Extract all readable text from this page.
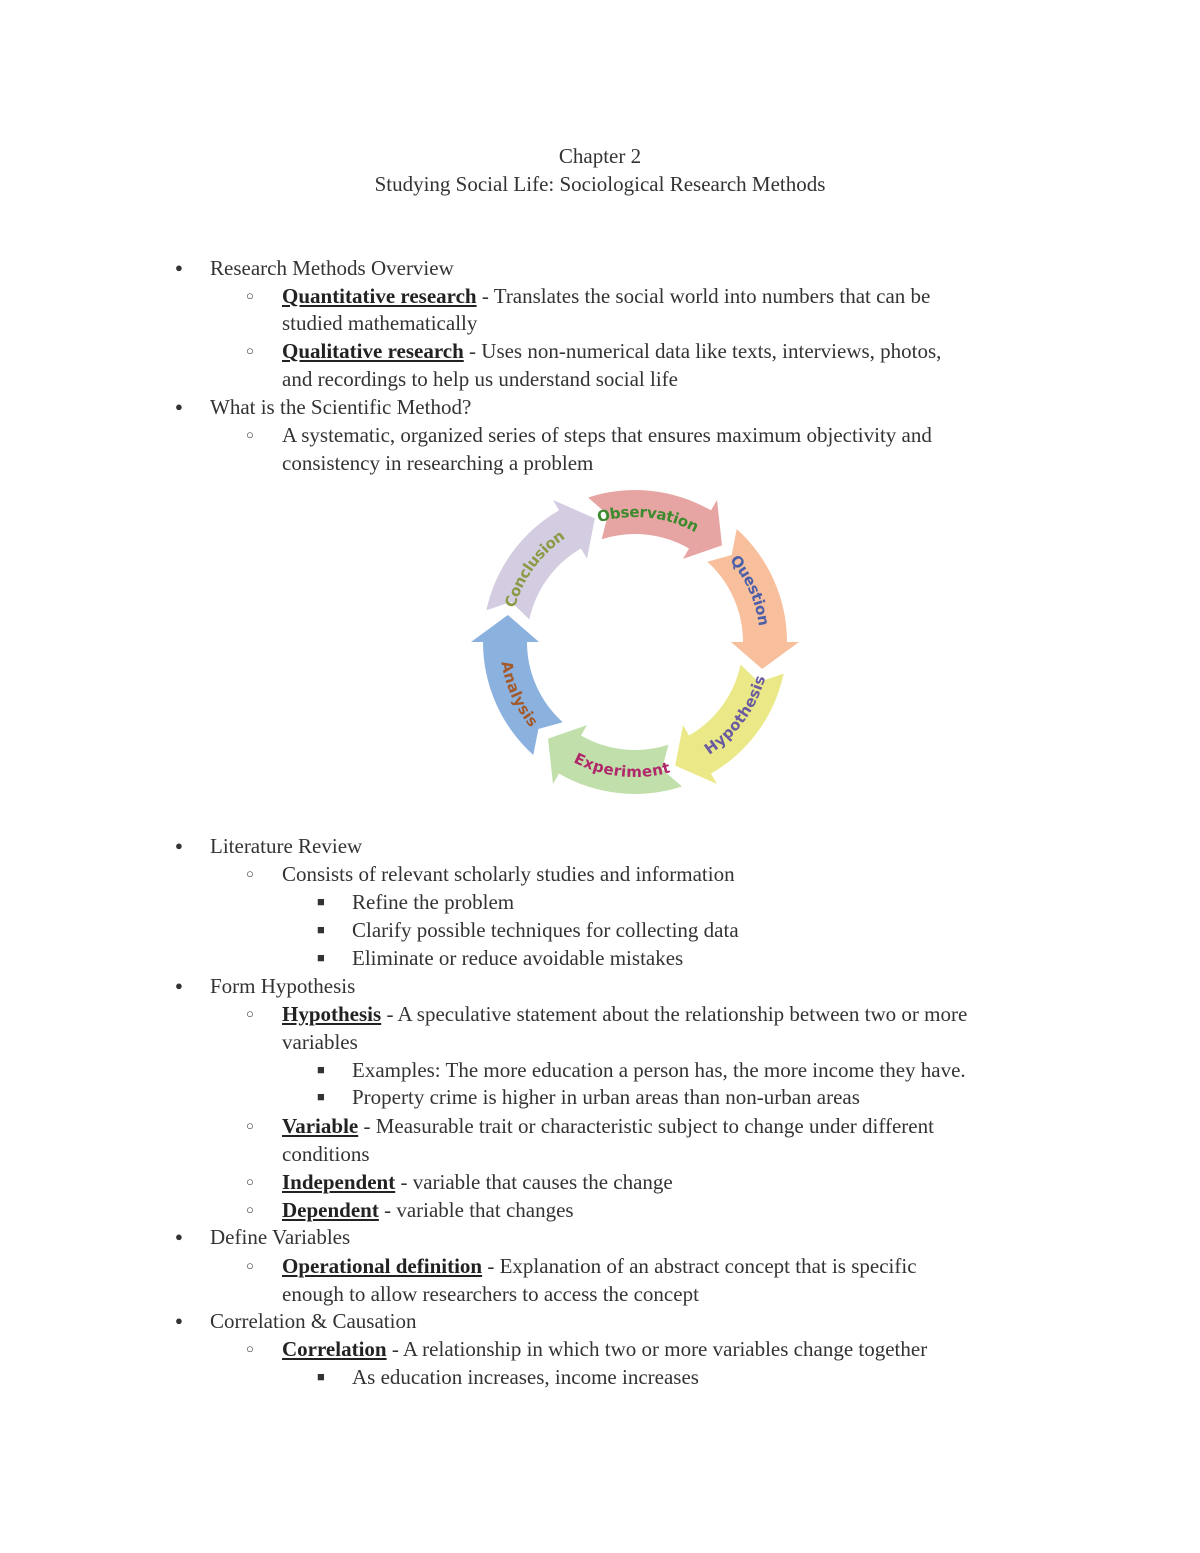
Chapter 2
Studying Social Life: Sociological Research Methods
● Research Methods Overview
○ Quantitative research - Translates the social world into numbers that can be
studied mathematically
○ Qualitative research - Uses non-numerical data like texts, interviews, photos,
and recordings to help us understand social life
● What is the Scientific Method?
○ A systematic, organized series of steps that ensures maximum objectivity and
consistency in researching a problem
Observation
Question
Hypothesis
Experiment
Analysis
Conclusion
● Literature Review
○ Consists of relevant scholarly studies and information
■ Refine the problem
■ Clarify possible techniques for collecting data
■ Eliminate or reduce avoidable mistakes
● Form Hypothesis
○ Hypothesis - A speculative statement about the relationship between two or more
variables
■ Examples: The more education a person has, the more income they have.
■ Property crime is higher in urban areas than non-urban areas
○ Variable - Measurable trait or characteristic subject to change under different
conditions
○ Independent - variable that causes the change
○ Dependent - variable that changes
● Define Variables
○ Operational definition - Explanation of an abstract concept that is specific
enough to allow researchers to access the concept
● Correlation & Causation
○ Correlation - A relationship in which two or more variables change together
■ As education increases, income increases
